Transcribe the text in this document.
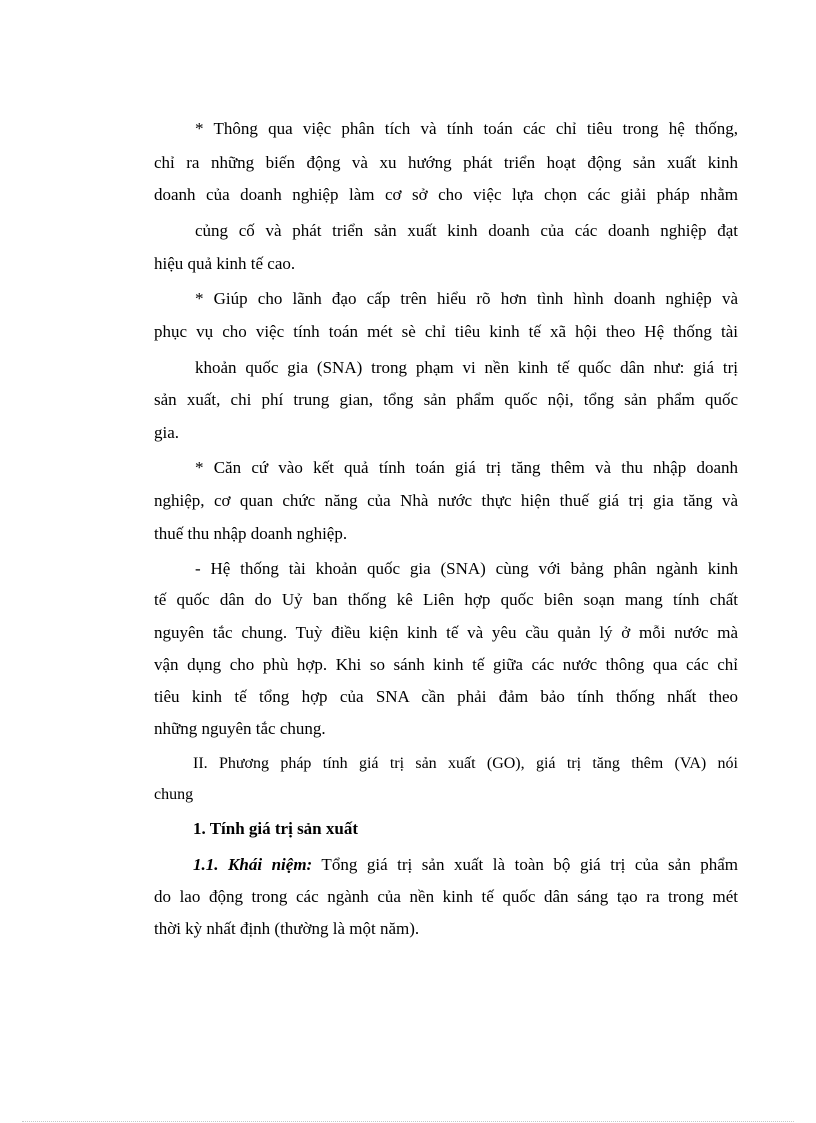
* Thông qua việc phân tích và tính toán các chỉ tiêu trong hệ thống,
chỉ ra những biến động và xu hướng phát triển hoạt động sản xuất kinh
doanh của doanh nghiệp làm cơ sở cho việc lựa chọn các giải pháp nhằm
củng cố và phát triển sản xuất kinh doanh của các doanh nghiệp đạt
hiệu quả kinh tế cao.
* Giúp cho lãnh đạo cấp trên hiểu rõ hơn tình hình doanh nghiệp và
phục vụ cho việc tính toán mét sè chỉ tiêu kinh tế xã hội theo Hệ thống tài
khoản quốc gia (SNA) trong phạm vi nền kinh tế quốc dân như: giá trị
sản xuất, chi phí trung gian, tổng sản phẩm quốc nội, tổng sản phẩm quốc
gia.
* Căn cứ vào kết quả tính toán giá trị tăng thêm và thu nhập doanh
nghiệp, cơ quan chức năng của Nhà nước thực hiện thuế giá trị gia tăng và
thuế thu nhập doanh nghiệp.
- Hệ thống tài khoản quốc gia (SNA) cùng với bảng phân ngành kinh
tế quốc dân do Uỷ ban thống kê Liên hợp quốc biên soạn mang tính chất
nguyên tắc chung. Tuỳ điều kiện kinh tế và yêu cầu quản lý ở mỗi nước mà
vận dụng cho phù hợp. Khi so sánh kinh tế giữa các nước thông qua các chỉ
tiêu kinh tế tổng hợp của SNA cần phải đảm bảo tính thống nhất theo
những nguyên tắc chung.
II. Phương pháp tính giá trị sản xuất (GO), giá trị tăng thêm (VA) nói
chung
1. Tính giá trị sản xuất
1.1. Khái niệm: Tổng giá trị sản xuất là toàn bộ giá trị của sản phẩm
do lao động trong các ngành của nền kinh tế quốc dân sáng tạo ra trong mét
thời kỳ nhất định (thường là một năm).
